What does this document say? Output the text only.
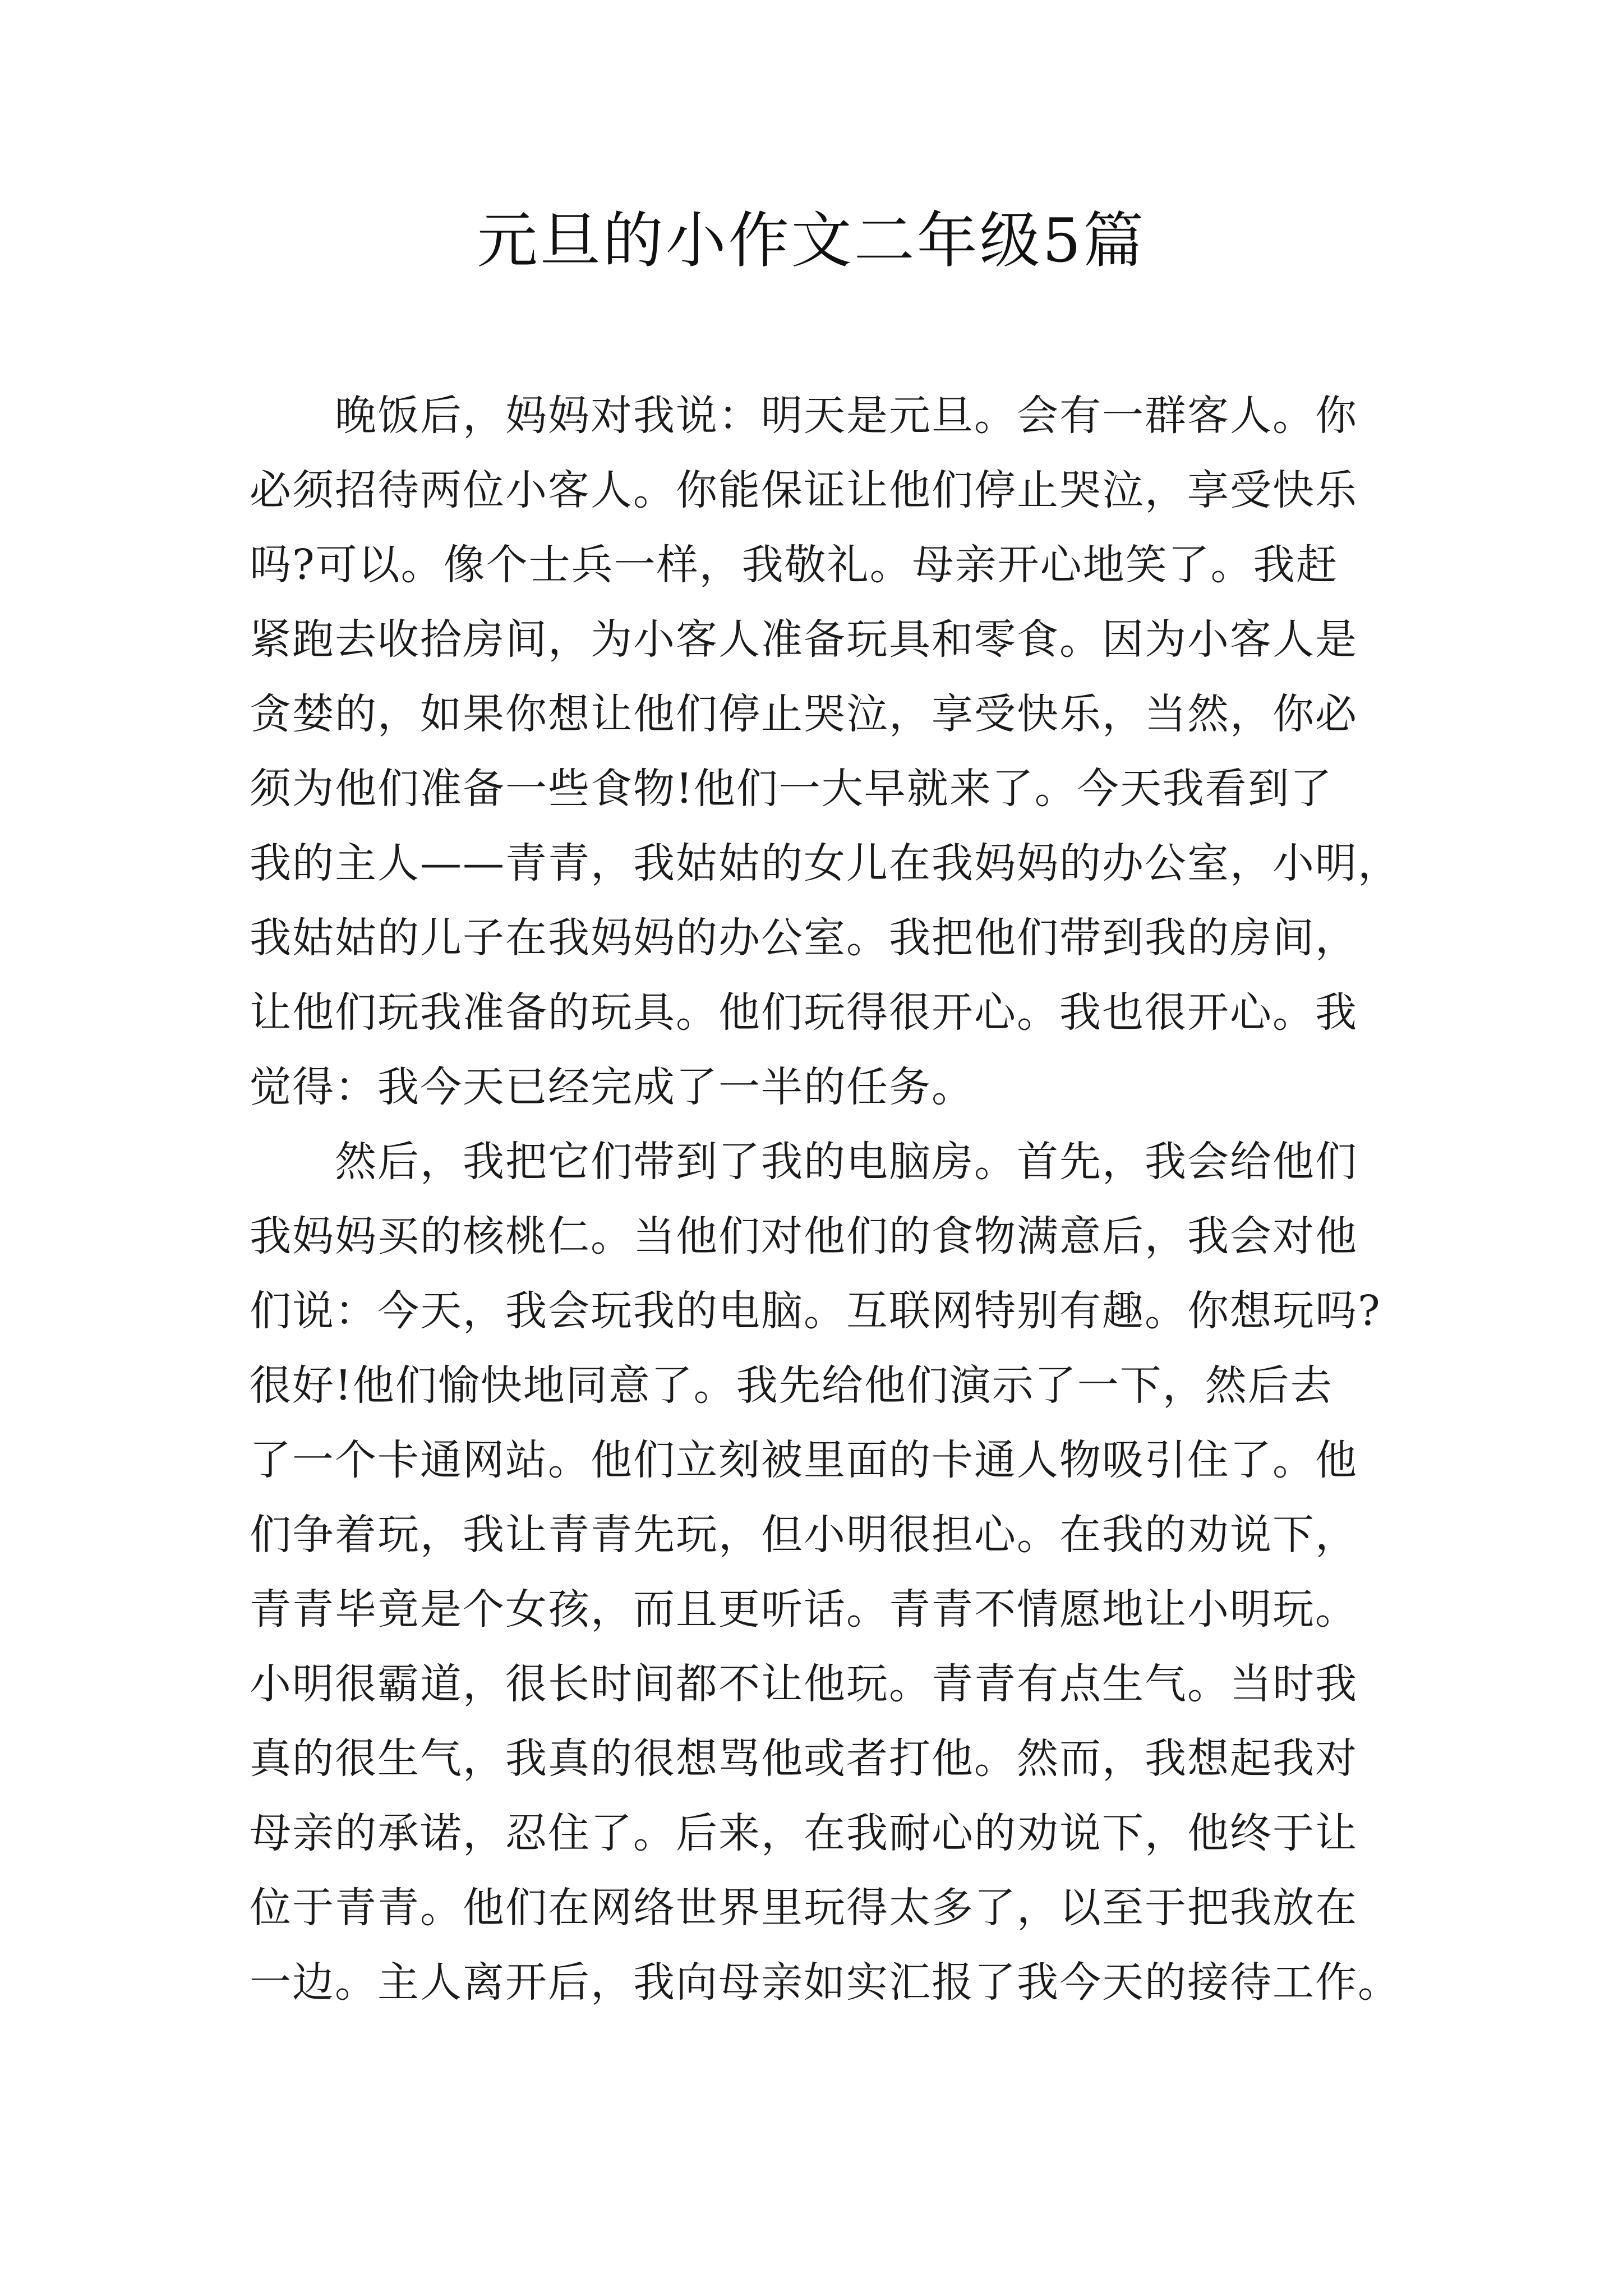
元旦的小作文二年级5篇
　　晚饭后，妈妈对我说：明天是元旦。会有一群客人。你
必须招待两位小客人。你能保证让他们停止哭泣，享受快乐
吗?可以。像个士兵一样，我敬礼。母亲开心地笑了。我赶
紧跑去收拾房间，为小客人准备玩具和零食。因为小客人是
贪婪的，如果你想让他们停止哭泣，享受快乐，当然，你必
须为他们准备一些食物!他们一大早就来了。今天我看到了
我的主人——青青，我姑姑的女儿在我妈妈的办公室，小明，
我姑姑的儿子在我妈妈的办公室。我把他们带到我的房间，
让他们玩我准备的玩具。他们玩得很开心。我也很开心。我
觉得：我今天已经完成了一半的任务。
　　然后，我把它们带到了我的电脑房。首先，我会给他们
我妈妈买的核桃仁。当他们对他们的食物满意后，我会对他
们说：今天，我会玩我的电脑。互联网特别有趣。你想玩吗?
很好!他们愉快地同意了。我先给他们演示了一下，然后去
了一个卡通网站。他们立刻被里面的卡通人物吸引住了。他
们争着玩，我让青青先玩，但小明很担心。在我的劝说下，
青青毕竟是个女孩，而且更听话。青青不情愿地让小明玩。
小明很霸道，很长时间都不让他玩。青青有点生气。当时我
真的很生气，我真的很想骂他或者打他。然而，我想起我对
母亲的承诺，忍住了。后来，在我耐心的劝说下，他终于让
位于青青。他们在网络世界里玩得太多了，以至于把我放在
一边。主人离开后，我向母亲如实汇报了我今天的接待工作。
